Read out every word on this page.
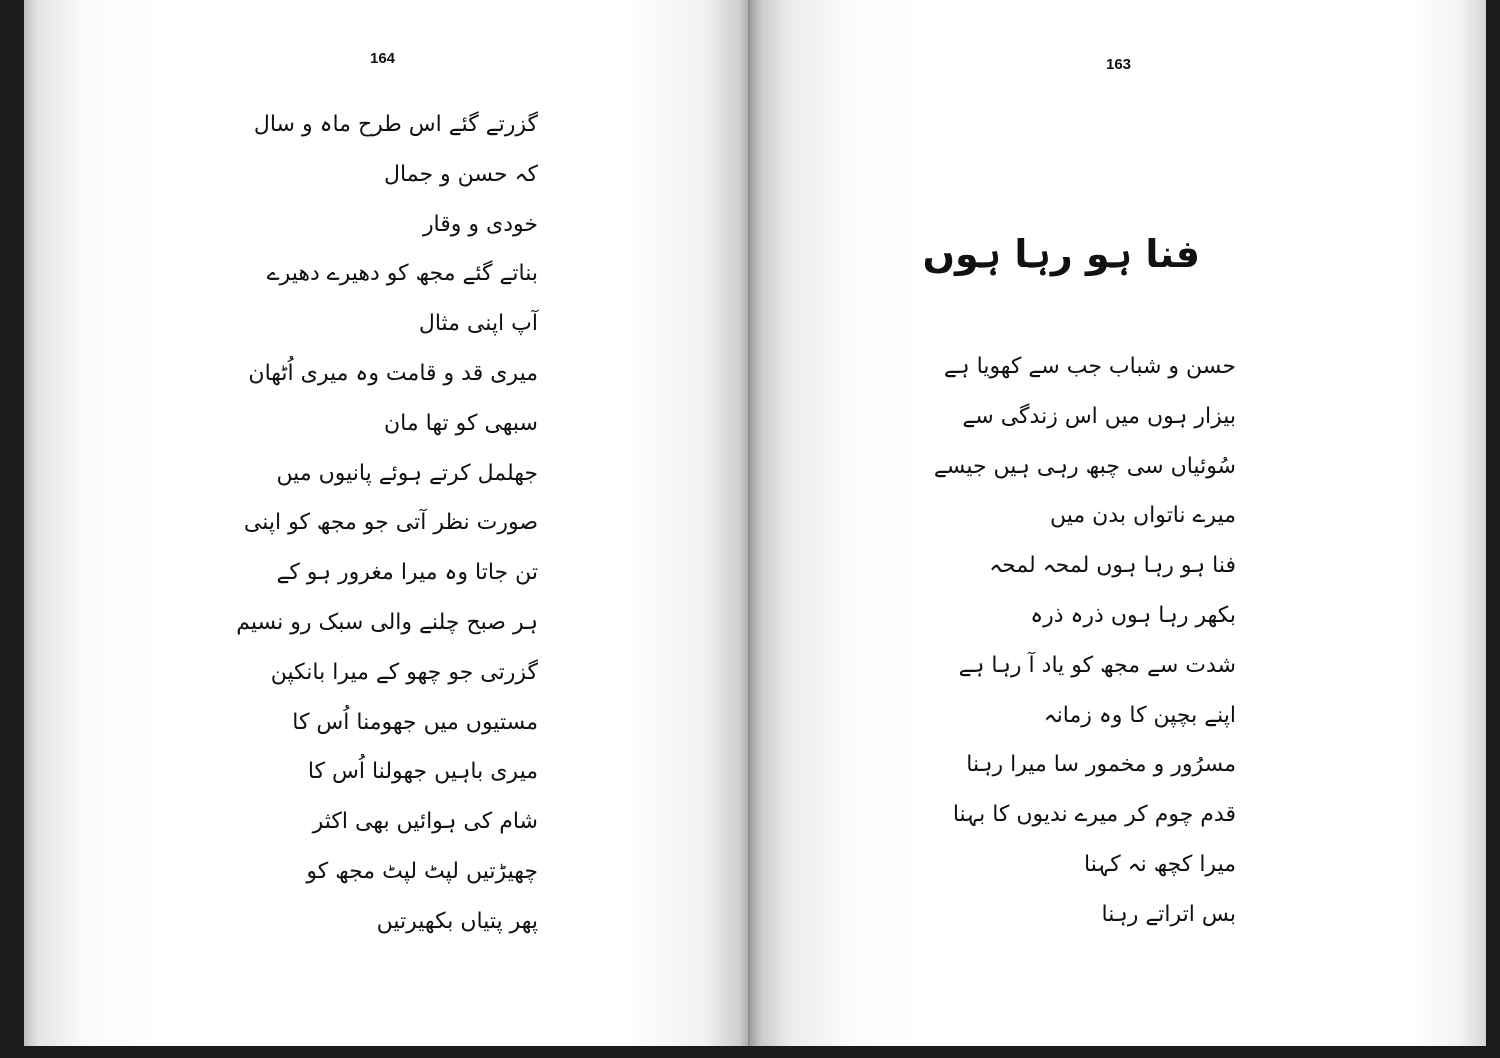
164
گزرتے گئے اس طرح ماہ و سال
کہ حسن و جمال
خودی و وقار
بناتے گئے مجھ کو دھیرے دھیرے
آپ اپنی مثال
میری قد و قامت وہ میری اُٹھان
سبھی کو تھا مان
جھلمل کرتے ہوئے پانیوں میں
صورت نظر آتی جو مجھ کو اپنی
تن جاتا وہ میرا مغرور ہو کے
ہر صبح چلنے والی سبک رو نسیم
گزرتی جو چھو کے میرا بانکپن
مستیوں میں جھومنا اُس کا
میری باہیں جھولنا اُس کا
شام کی ہوائیں بھی اکثر
چھیڑتیں لپٹ لپٹ مجھ کو
پھر پتیاں بکھیرتیں
163
فنا ہو رہا ہوں
حسن و شباب جب سے کھویا ہے
بیزار ہوں میں اس زندگی سے
سُوئیاں سی چبھ رہی ہیں جیسے
میرے ناتواں بدن میں
فنا ہو رہا ہوں لمحہ لمحہ
بکھر رہا ہوں ذرہ ذرہ
شدت سے مجھ کو یاد آ رہا ہے
اپنے بچپن کا وہ زمانہ
مسرُور و مخمور سا میرا رہنا
قدم چوم کر میرے ندیوں کا بہنا
میرا کچھ نہ کہنا
بس اتراتے رہنا
